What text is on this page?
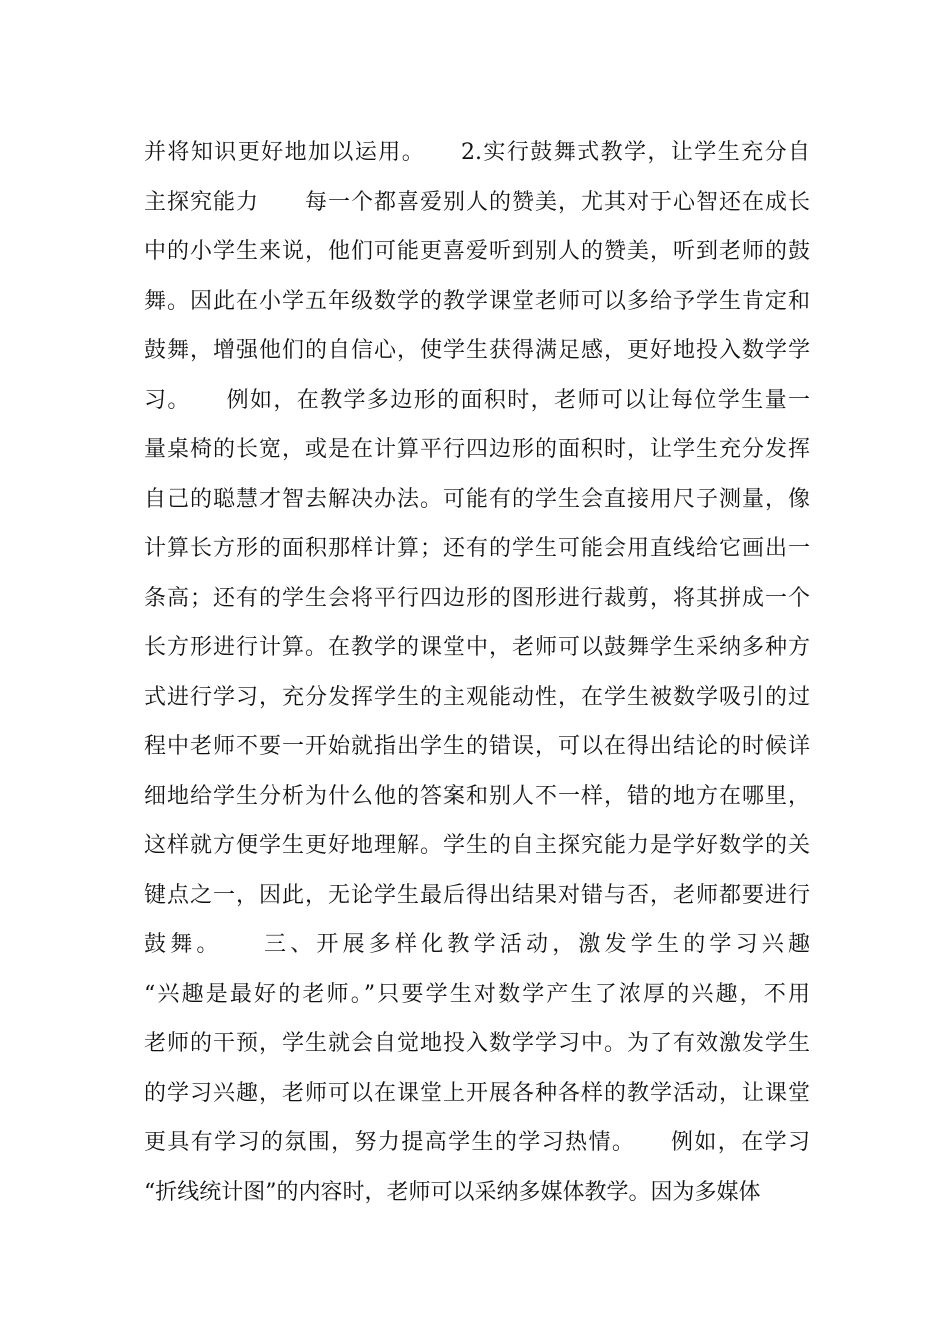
并将知识更好地加以运用。　　2.实行鼓舞式教学，让学生充分自
主探究能力　　每一个都喜爱别人的赞美，尤其对于心智还在成长
中的小学生来说，他们可能更喜爱听到别人的赞美，听到老师的鼓
舞。因此在小学五年级数学的教学课堂老师可以多给予学生肯定和
鼓舞，增强他们的自信心，使学生获得满足感，更好地投入数学学
习。　　例如，在教学多边形的面积时，老师可以让每位学生量一
量桌椅的长宽，或是在计算平行四边形的面积时，让学生充分发挥
自己的聪慧才智去解决办法。可能有的学生会直接用尺子测量，像
计算长方形的面积那样计算；还有的学生可能会用直线给它画出一
条高；还有的学生会将平行四边形的图形进行裁剪，将其拼成一个
长方形进行计算。在教学的课堂中，老师可以鼓舞学生采纳多种方
式进行学习，充分发挥学生的主观能动性，在学生被数学吸引的过
程中老师不要一开始就指出学生的错误，可以在得出结论的时候详
细地给学生分析为什么他的答案和别人不一样，错的地方在哪里，
这样就方便学生更好地理解。学生的自主探究能力是学好数学的关
键点之一，因此，无论学生最后得出结果对错与否，老师都要进行
鼓舞。　　三、开展多样化教学活动，激发学生的学习兴趣
“兴趣是最好的老师。”只要学生对数学产生了浓厚的兴趣，不用
老师的干预，学生就会自觉地投入数学学习中。为了有效激发学生
的学习兴趣，老师可以在课堂上开展各种各样的教学活动，让课堂
更具有学习的氛围，努力提高学生的学习热情。　　例如，在学习
“折线统计图”的内容时，老师可以采纳多媒体教学。因为多媒体
